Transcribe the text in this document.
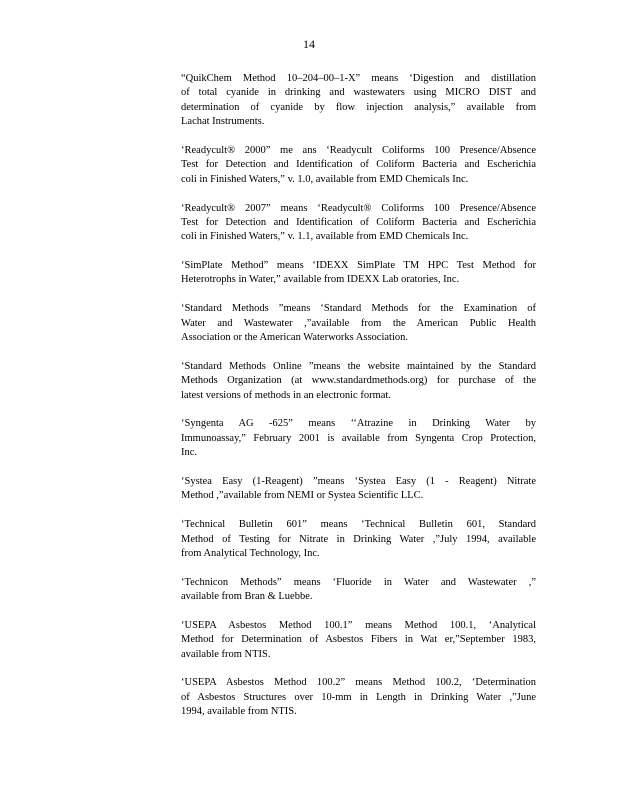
14
“QuikChem Method 10–204–00–1-X” means ‘Digestion and distillation
of total cyanide in drinking and wastewaters using MICRO DIST and
determination of cyanide by flow injection analysis,” available from
Lachat Instruments.
‘Readycult® 2000” me ans ‘Readycult Coliforms 100 Presence/Absence
Test for Detection and Identification of Coliform Bacteria and Escherichia
coli in Finished Waters,” v. 1.0, available from EMD Chemicals Inc.
‘Readycult® 2007” means ‘Readycult® Coliforms 100 Presence/Absence
Test for Detection and Identification of Coliform Bacteria and Escherichia
coli in Finished Waters,” v. 1.1, available from EMD Chemicals Inc.
‘SimPlate Method” means ‘IDEXX SimPlate TM HPC Test Method for
Heterotrophs in Water,” available from IDEXX Lab oratories, Inc.
‘Standard Methods ”means ‘Standard Methods for the Examination of
Water and Wastewater ,”available from the American Public Health
Association or the American Waterworks Association.
‘Standard Methods Online ”means the website maintained by the Standard
Methods Organization (at www.standardmethods.org) for purchase of the
latest versions of methods in an electronic format.
‘Syngenta AG -625” means ‘‘Atrazine in Drinking Water by
Immunoassay,” February 2001 is available from Syngenta Crop Protection,
Inc.
‘Systea Easy (1-Reagent) ”means ‘Systea Easy (1 - Reagent) Nitrate
Method ,”available from NEMI or Systea Scientific LLC.
‘Technical Bulletin 601” means ‘Technical Bulletin 601, Standard
Method of Testing for Nitrate in Drinking Water ,”July 1994, available
from Analytical Technology, Inc.
‘Technicon Methods” means ‘Fluoride in Water and Wastewater ,”
available from Bran & Luebbe.
‘USEPA Asbestos Method 100.1” means Method 100.1, ‘Analytical
Method for Determination of Asbestos Fibers in Wat er,”September 1983,
available from NTIS.
‘USEPA Asbestos Method 100.2” means Method 100.2, ‘Determination
of Asbestos Structures over 10-mm in Length in Drinking Water ,”June
1994, available from NTIS.
